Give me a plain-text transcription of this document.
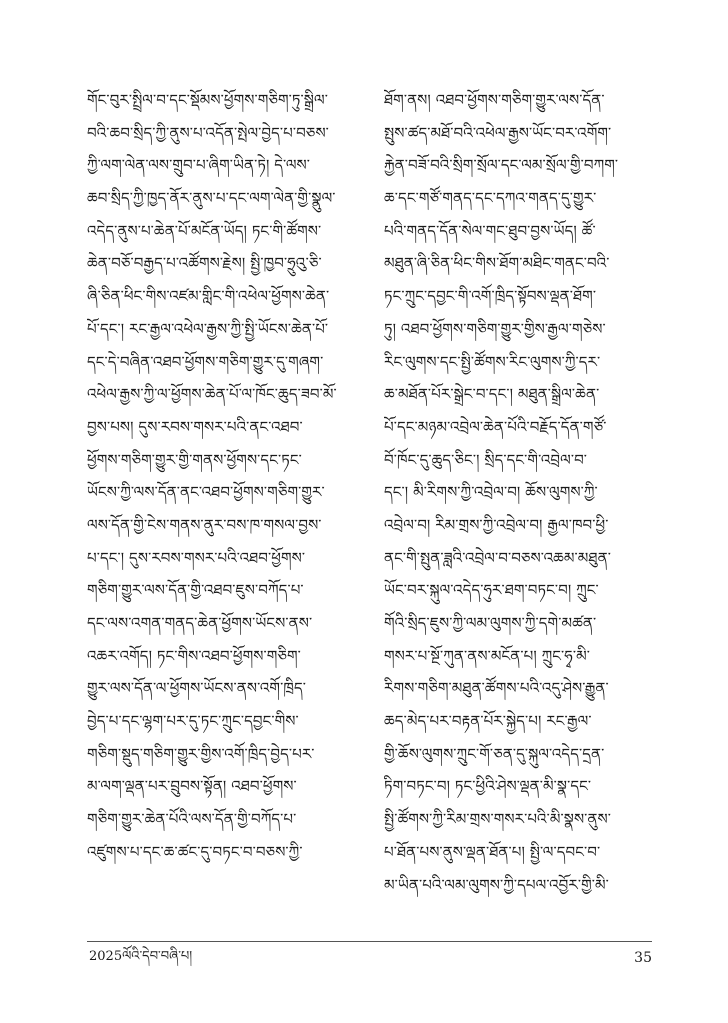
གོང་བུར་སྤྲིལ་བ་དང་སྡོམས་ཕྱོགས་གཅིག་ཏུ་སྒྲིལ་
བའི་ཆབ་སྲིད་ཀྱི་ནུས་པ་འདོན་སྤེལ་བྱེད་པ་བཅས་
ཀྱི་ལག་ལེན་ལས་གྲུབ་པ་ཞིག་ཡིན་ཏེ། དེ་ལས་
ཆབ་སྲིད་ཀྱི་ཁྱད་ནོར་ནུས་པ་དང་ལག་ལེན་གྱི་སྣུལ་
འདེད་ནུས་པ་ཆེན་པོ་མངོན་ཡོད། ཏང་གི་ཚོགས་
ཆེན་བཅོ་བརྒྱད་པ་འཚོགས་རྗེས། སྤྱི་ཁྱབ་ཧྲུའུ་ཅི་
ཞི་ཅིན་ཕིང་གིས་འཛམ་གླིང་གི་འཕེལ་ཕྱོགས་ཆེན་
པོ་དང་། རང་རྒྱལ་འཕེལ་རྒྱས་ཀྱི་སྤྱི་ཡོངས་ཆེན་པོ་
དང་དེ་བཞིན་འཐབ་ཕྱོགས་གཅིག་གྱུར་དུ་གཞག་
འཕེལ་རྒྱས་ཀྱི་ལ་ཕྱོགས་ཆེན་པོ་ལ་ཁོང་ཆུད་ཟབ་མོ་
བྱས་པས། དུས་རབས་གསར་པའི་ནང་འཐབ་
ཕྱོགས་གཅིག་གྱུར་གྱི་གནས་ཕྱོགས་དང་ཏང་
ཡོངས་ཀྱི་ལས་དོན་ནང་འཐབ་ཕྱོགས་གཅིག་གྱུར་
ལས་དོན་གྱི་ངེས་གནས་ནུར་བས་ཁ་གསལ་བྱས་
པ་དང་། དུས་རབས་གསར་པའི་འཐབ་ཕྱོགས་
གཅིག་གྱུར་ལས་དོན་གྱི་འཐབ་ཇུས་བཀོད་པ་
དང་ལས་འགན་གནད་ཆེན་ཕྱོགས་ཡོངས་ནས་
འཆར་འགོད། ཏང་གིས་འཐབ་ཕྱོགས་གཅིག་
གྱུར་ལས་དོན་ལ་ཕྱོགས་ཡོངས་ནས་འགོ་ཁྲིད་
བྱེད་པ་དང་ལྷག་པར་དུ་ཏང་ཀྲུང་དབྱང་གིས་
གཅིག་སྡུད་གཅིག་གྱུར་གྱིས་འགོ་ཁྲིད་བྱེད་པར་
མ་ལག་ལྡན་པར་བྲུབས་སྟོན། འཐབ་ཕྱོགས་
གཅིག་གྱུར་ཆེན་པོའི་ལས་དོན་གྱི་བཀོད་པ་
འཛུགས་པ་དང་ཆ་ཚང་དུ་བཏང་བ་བཅས་ཀྱི་
ཐོག་ནས། འཐབ་ཕྱོགས་གཅིག་གྱུར་ལས་དོན་
སྤུས་ཚད་མཐོ་བའི་འཕེལ་རྒྱས་ཡོང་བར་འགོག་
རྐྱེན་བཟོ་བའི་སྲིག་སྲོལ་དང་ལམ་སྲོལ་གྱི་བཀག་
ཆ་དང་གཙོ་གནད་དང་དཀའ་གནད་དུ་གྱུར་
པའི་གནད་དོན་སེལ་གང་ཐུབ་བྱས་ཡོད། ཚོ་
མཐུན་ཞི་ཅིན་ཕིང་གིས་ཐོག་མཐིང་གནང་བའི་
ཏང་ཀྲུང་དབྱང་གི་འགོ་ཁྲིད་སྟོབས་ལྡན་ཐོག་
ཏུ། འཐབ་ཕྱོགས་གཅིག་གྱུར་གྱིས་རྒྱལ་གཅེས་
རིང་ལུགས་དང་སྤྱི་ཚོགས་རིང་ལུགས་ཀྱི་དར་
ཆ་མཐོན་པོར་སྒྲེང་བ་དང་། མཐུན་སྒྲིལ་ཆེན་
པོ་དང་མཉམ་འབྲེལ་ཆེན་པོའི་བརྗོད་དོན་གཙོ་
བོ་ཁོང་དུ་ཆུད་ཅིང་། སྲིད་དང་གི་འབྲེལ་བ་
དང་། མི་རིགས་ཀྱི་འབྲེལ་བ། ཆོས་ལུགས་ཀྱི་
འབྲེལ་བ། རིམ་གྲས་ཀྱི་འབྲེལ་བ། རྒྱལ་ཁབ་ཕྱི་
ནང་གི་སྤུན་ཟླའི་འབྲེལ་བ་བཅས་འཆམ་མཐུན་
ཡོང་བར་སྐུལ་འདེད་ཧུར་ཐག་བཏང་བ། ཀྲུང་
གོའི་སྲིད་ཇུས་ཀྱི་ལམ་ལུགས་ཀྱི་དགེ་མཚན་
གསར་པ་སྔོ་ཀུན་ནས་མངོན་པ། ཀྲུང་ཧྭ་མི་
རིགས་གཅིག་མཐུན་ཚོགས་པའི་འདུ་ཤེས་རྒྱུན་
ཆད་མེད་པར་བརྟན་པོར་སྐྱེད་པ། རང་རྒྱལ་
གྱི་ཆོས་ལུགས་ཀྲུང་གོ་ཅན་དུ་སྐུལ་འདེད་དྲན་
ཏིག་བཏང་བ། ཏང་ཕྱིའི་ཤེས་ལྡན་མི་སྣ་དང་
སྤྱི་ཚོགས་ཀྱི་རིམ་གྲས་གསར་པའི་མི་སྣས་ནུས་
པ་ཐོན་པས་ནུས་ལྡན་ཐོན་པ། སྤྱི་ལ་དབང་བ་
མ་ཡིན་པའི་ལམ་ལུགས་ཀྱི་དཔལ་འབྱོར་གྱི་མི་
2025ལོའི་དེབ་བཞི་པ།	35
